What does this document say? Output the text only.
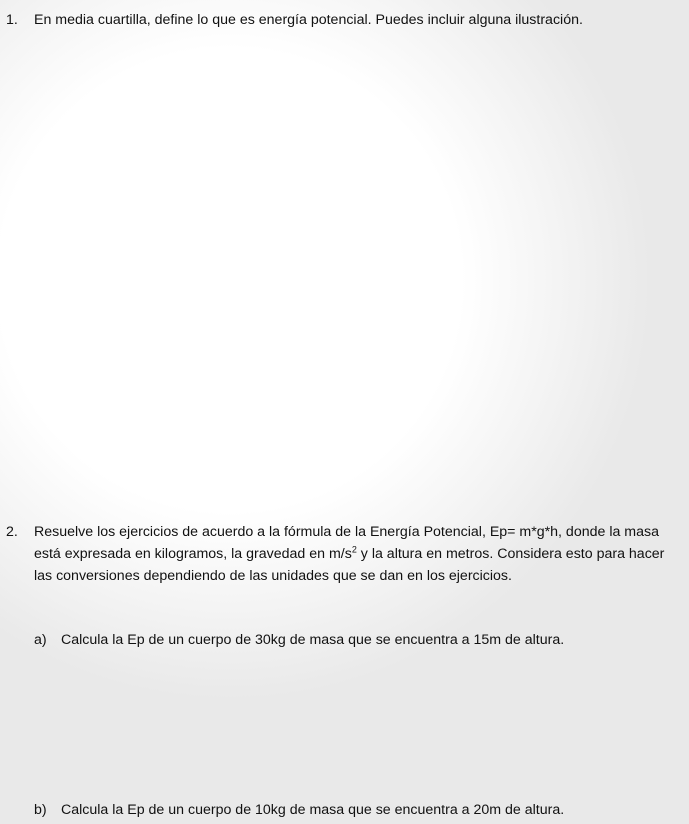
1. En media cuartilla, define lo que es energía potencial. Puedes incluir alguna ilustración.
2. Resuelve los ejercicios de acuerdo a la fórmula de la Energía Potencial, Ep= m*g*h, donde la masa está expresada en kilogramos, la gravedad en $m/s^2$ y la altura en metros. Considera esto para hacer las conversiones dependiendo de las unidades que se dan en los ejercicios.
a) Calcula la Ep de un cuerpo de 30kg de masa que se encuentra a 15m de altura.
b) Calcula la Ep de un cuerpo de 10kg de masa que se encuentra a 20m de altura.
